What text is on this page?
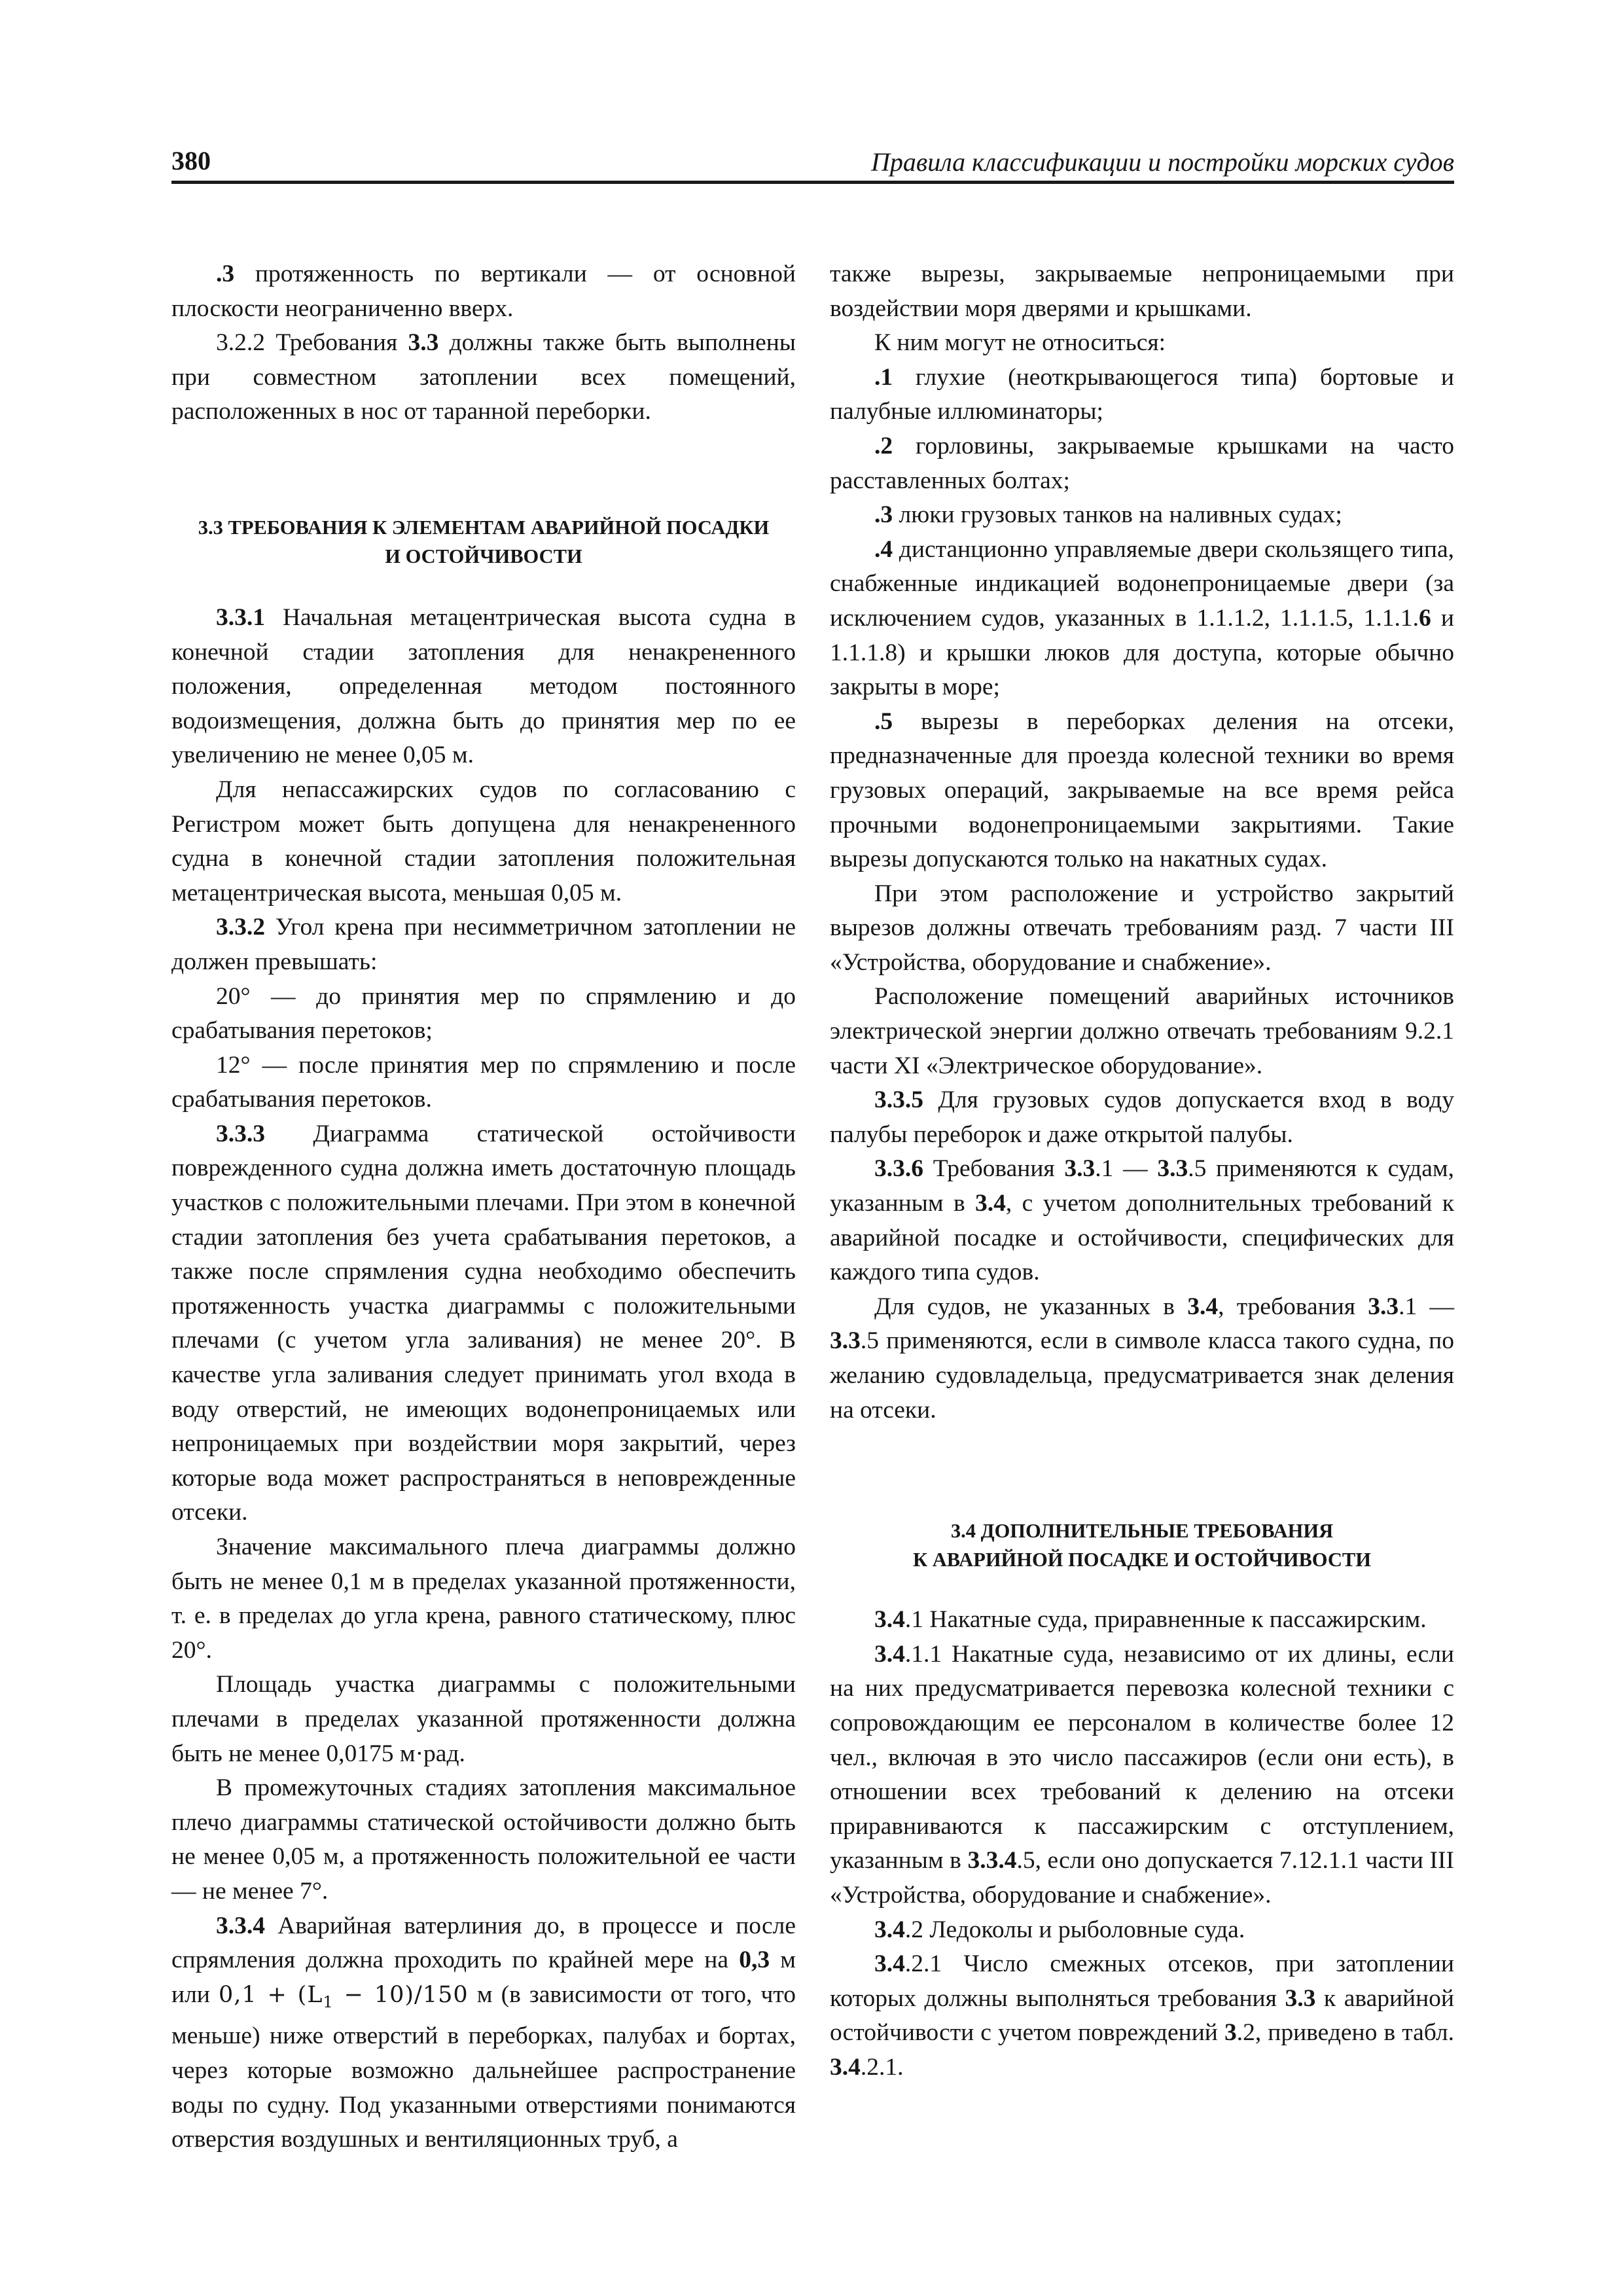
380	Правила классификации и постройки морских судов

.3 протяженность по вертикали — от основной плоскости неограниченно вверх.

3.2.2 Требования 3.3 должны также быть выполнены при совместном затоплении всех помещений, расположенных в нос от таранной переборки.

3.3 ТРЕБОВАНИЯ К ЭЛЕМЕНТАМ АВАРИЙНОЙ ПОСАДКИ
И ОСТОЙЧИВОСТИ

3.3.1 Начальная метацентрическая высота судна в конечной стадии затопления для ненакрененного положения, определенная методом постоянного водоизмещения, должна быть до принятия мер по ее увеличению не менее 0,05 м.

Для непассажирских судов по согласованию с Регистром может быть допущена для ненакрененного судна в конечной стадии затопления положительная метацентрическая высота, меньшая 0,05 м.

3.3.2 Угол крена при несимметричном затоплении не должен превышать:

20° — до принятия мер по спрямлению и до срабатывания перетоков;

12° — после принятия мер по спрямлению и после срабатывания перетоков.

3.3.3 Диаграмма статической остойчивости поврежденного судна должна иметь достаточную площадь участков с положительными плечами. При этом в конечной стадии затопления без учета срабатывания перетоков, а также после спрямления судна необходимо обеспечить протяженность участка диаграммы с положительными плечами (с учетом угла заливания) не менее 20°. В качестве угла заливания следует принимать угол входа в воду отверстий, не имеющих водонепроницаемых или непроницаемых при воздействии моря закрытий, через которые вода может распространяться в неповрежденные отсеки.

Значение максимального плеча диаграммы должно быть не менее 0,1 м в пределах указанной протяженности, т. е. в пределах до угла крена, равного статическому, плюс 20°.

Площадь участка диаграммы с положительными плечами в пределах указанной протяженности должна быть не менее 0,0175 м·рад.

В промежуточных стадиях затопления максимальное плечо диаграммы статической остойчивости должно быть не менее 0,05 м, а протяженность положительной ее части — не менее 7°.

3.3.4 Аварийная ватерлиния до, в процессе и после спрямления должна проходить по крайней мере на 0,3 м или $0,1 + (L_1 - 10)/150$ м (в зависимости от того, что меньше) ниже отверстий в переборках, палубах и бортах, через которые возможно дальнейшее распространение воды по судну. Под указанными отверстиями понимаются отверстия воздушных и вентиляционных труб, а

также вырезы, закрываемые непроницаемыми при воздействии моря дверями и крышками.

К ним могут не относиться:

.1 глухие (неоткрывающегося типа) бортовые и палубные иллюминаторы;

.2 горловины, закрываемые крышками на часто расставленных болтах;

.3 люки грузовых танков на наливных судах;

.4 дистанционно управляемые двери скользящего типа, снабженные индикацией водонепроницаемые двери (за исключением судов, указанных в 1.1.1.2, 1.1.1.5, 1.1.1.6 и 1.1.1.8) и крышки люков для доступа, которые обычно закрыты в море;

.5 вырезы в переборках деления на отсеки, предназначенные для проезда колесной техники во время грузовых операций, закрываемые на все время рейса прочными водонепроницаемыми закрытиями. Такие вырезы допускаются только на накатных судах.

При этом расположение и устройство закрытий вырезов должны отвечать требованиям разд. 7 части III «Устройства, оборудование и снабжение».

Расположение помещений аварийных источников электрической энергии должно отвечать требованиям 9.2.1 части XI «Электрическое оборудование».

3.3.5 Для грузовых судов допускается вход в воду палубы переборок и даже открытой палубы.

3.3.6 Требования 3.3.1 — 3.3.5 применяются к судам, указанным в 3.4, с учетом дополнительных требований к аварийной посадке и остойчивости, специфических для каждого типа судов.

Для судов, не указанных в 3.4, требования 3.3.1 — 3.3.5 применяются, если в символе класса такого судна, по желанию судовладельца, предусматривается знак деления на отсеки.

3.4 ДОПОЛНИТЕЛЬНЫЕ ТРЕБОВАНИЯ
К АВАРИЙНОЙ ПОСАДКЕ И ОСТОЙЧИВОСТИ

3.4.1 Накатные суда, приравненные к пассажирским.

3.4.1.1 Накатные суда, независимо от их длины, если на них предусматривается перевозка колесной техники с сопровождающим ее персоналом в количестве более 12 чел., включая в это число пассажиров (если они есть), в отношении всех требований к делению на отсеки приравниваются к пассажирским с отступлением, указанным в 3.3.4.5, если оно допускается 7.12.1.1 части III «Устройства, оборудование и снабжение».

3.4.2 Ледоколы и рыболовные суда.

3.4.2.1 Число смежных отсеков, при затоплении которых должны выполняться требования 3.3 к аварийной остойчивости с учетом повреждений 3.2, приведено в табл. 3.4.2.1.
